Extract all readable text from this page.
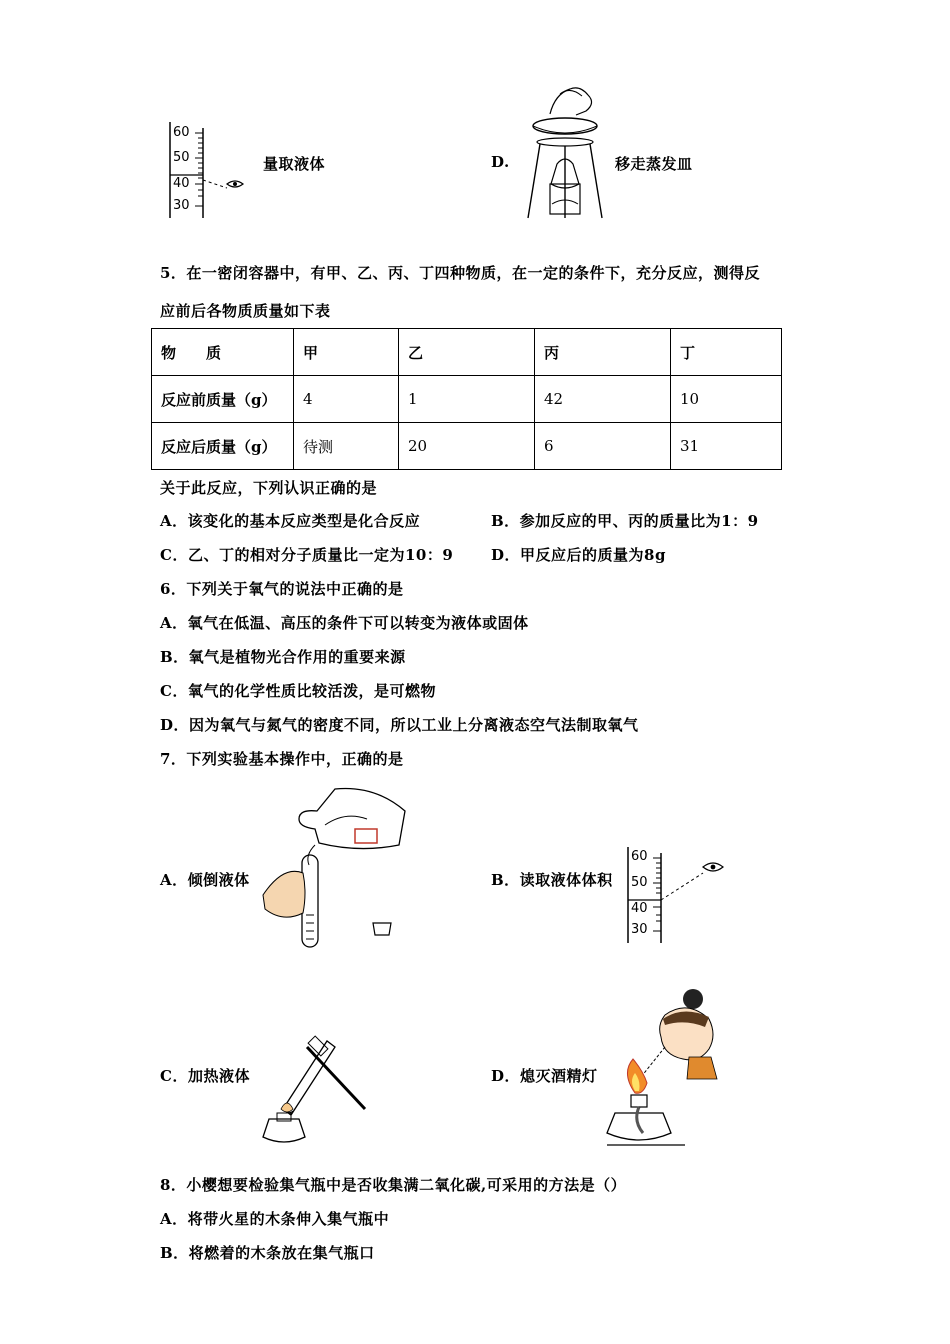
60
50
40
30
量取液体	D.	移走蒸发皿
5．在一密闭容器中，有甲、乙、丙、丁四种物质，在一定的条件下，充分反应，测得反
应前后各物质质量如下表
物　　质	甲	乙	丙	丁
反应前质量（g）	4	1	42	10
反应后质量（g）	待测	20	6	31
关于此反应，下列认识正确的是
A．该变化的基本反应类型是化合反应	B．参加反应的甲、丙的质量比为1：9
C．乙、丁的相对分子质量比一定为10：9	D．甲反应后的质量为8g
6．下列关于氧气的说法中正确的是
A．氧气在低温、高压的条件下可以转变为液体或固体
B．氧气是植物光合作用的重要来源
C．氧气的化学性质比较活泼，是可燃物
D．因为氧气与氮气的密度不同，所以工业上分离液态空气法制取氧气
7．下列实验基本操作中，正确的是
A．倾倒液体	B．读取液体体积
60
50
40
30
C．加热液体	D．熄灭酒精灯
8．小樱想要检验集气瓶中是否收集满二氧化碳,可采用的方法是（）
A．将带火星的木条伸入集气瓶中
B．将燃着的木条放在集气瓶口
